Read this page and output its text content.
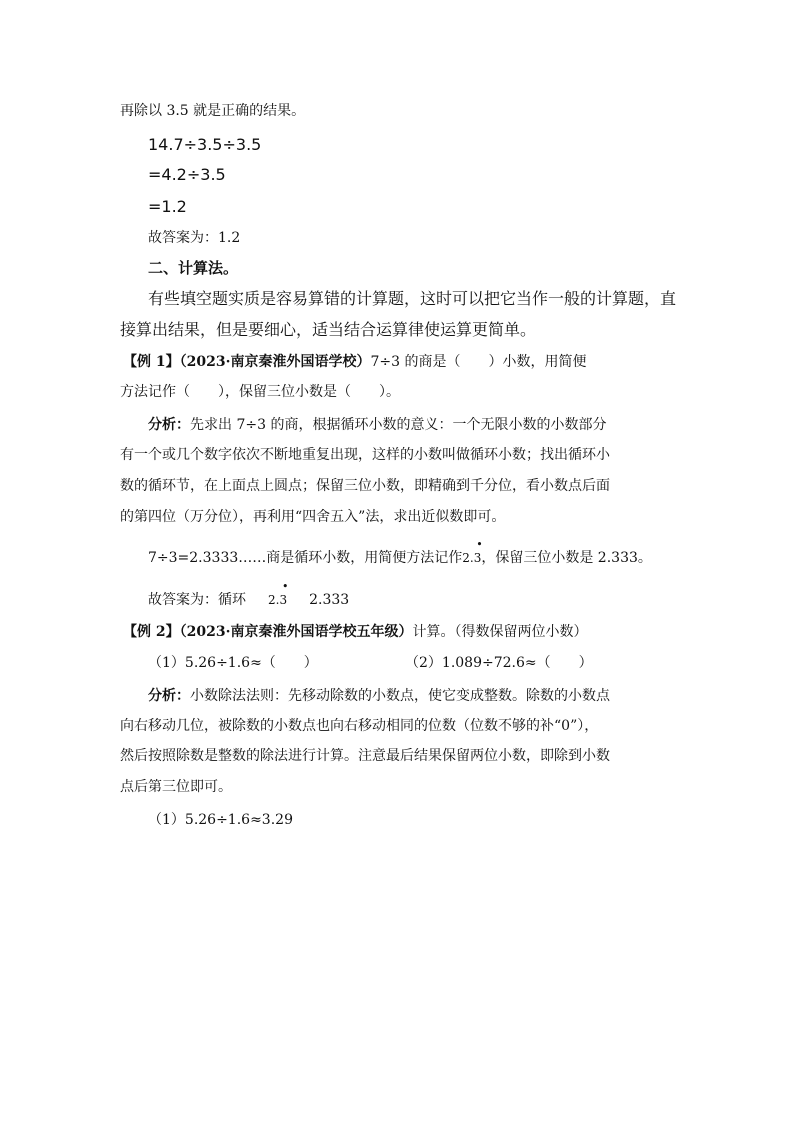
再除以 3.5 就是正确的结果。
14.7÷3.5÷3.5
=4.2÷3.5
=1.2
故答案为：1.2
二、计算法。
有些填空题实质是容易算错的计算题，这时可以把它当作一般的计算题，直
接算出结果，但是要细心，适当结合运算律使运算更简单。
【例 1】（2023·南京秦淮外国语学校）7÷3 的商是（　　）小数，用简便
方法记作（　　），保留三位小数是（　　）。
分析：先求出 7÷3 的商，根据循环小数的意义：一个无限小数的小数部分
有一个或几个数字依次不断地重复出现，这样的小数叫做循环小数；找出循环小
数的循环节，在上面点上圆点；保留三位小数，即精确到千分位，看小数点后面
的第四位（万分位），再利用“四舍五入”法，求出近似数即可。
7÷3=2.3333……商是循环小数，用简便方法记作
•
2.3，保留三位小数是 2.333。
故答案为：循环
•
2.3 2.333
【例 2】（2023·南京秦淮外国语学校五年级）计算。（得数保留两位小数）
（1）5.26÷1.6≈（　　）	（2）1.089÷72.6≈（　　）
分析：小数除法法则：先移动除数的小数点，使它变成整数。除数的小数点
向右移动几位，被除数的小数点也向右移动相同的位数（位数不够的补“0”），
然后按照除数是整数的除法进行计算。注意最后结果保留两位小数，即除到小数
点后第三位即可。
（1）5.26÷1.6≈3.29
